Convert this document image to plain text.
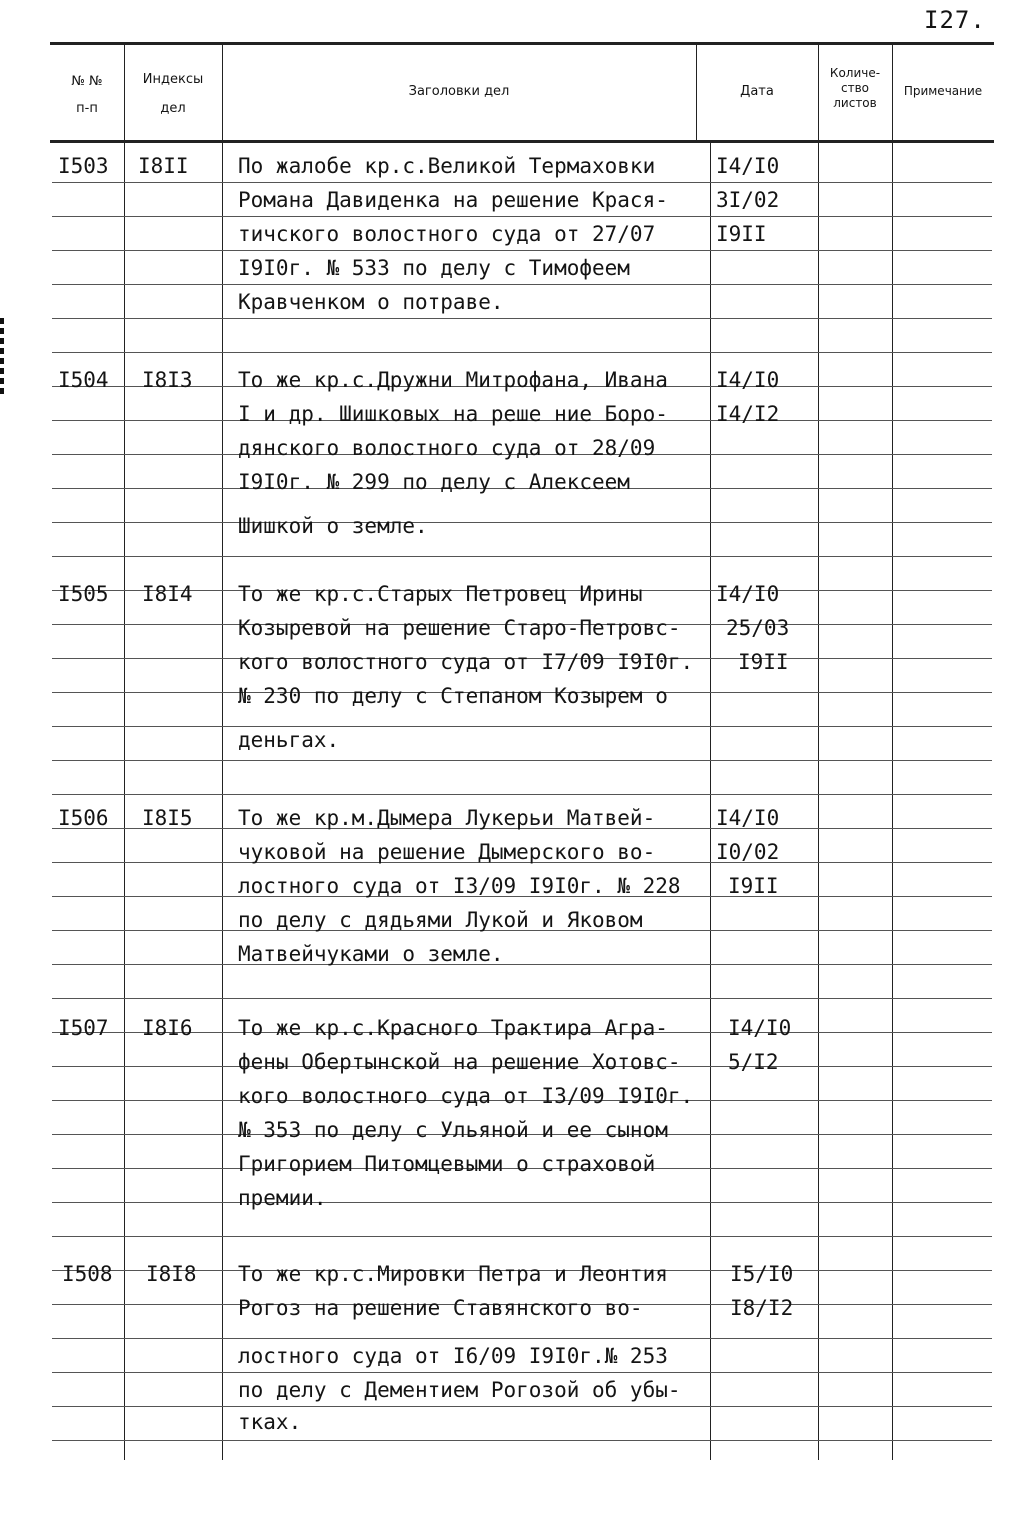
I27.
№ №
п-п
Индексы
дел
Заголовки дел	Дата
Количе-
ство
листов
Примечание
I503 I8II По жалобе кр.с.Великой Термаховки
Романа Давиденка на решение Крася-
тичского волостного суда от 27/07
I9I0г. № 533 по делу с Тимофеем
Кравченком о потраве.
I4/I0
3I/02
I9II
I504 I8I3 То же кр.с.Дружни Митрофана, Ивана
I и др. Шишковых на реше ние Боро-
дянского волостного суда от 28/09
I9I0г. № 299 по делу с Алексеем
Шишкой о земле.
I4/I0
I4/I2
I505 I8I4 То же кр.с.Старых Петровец Ирины
Козыревой на решение Старо-Петровс-
кого волостного суда от I7/09 I9I0г.
№ 230 по делу с Степаном Козырем о
деньгах.
I4/I0
25/03
I9II
I506 I8I5 То же кр.м.Дымера Лукерьи Матвей-
чуковой на решение Дымерского во-
лостного суда от I3/09 I9I0г. № 228
по делу с дядьями Лукой и Яковом
Матвейчуками о земле.
I4/I0
I0/02
I9II
I507 I8I6 То же кр.с.Красного Трактира Агра-
фены Обертынской на решение Хотовс-
кого волостного суда от I3/09 I9I0г.
№ 353 по делу с Ульяной и ее сыном
Григорием Питомцевыми о страховой
премии.
I4/I0
5/I2
I508 I8I8 То же кр.с.Мировки Петра и Леонтия
Рогоз на решение Ставянского во-
лостного суда от I6/09 I9I0г.№ 253
по делу с Дементием Рогозой об убы-
тках.
I5/I0
I8/I2
